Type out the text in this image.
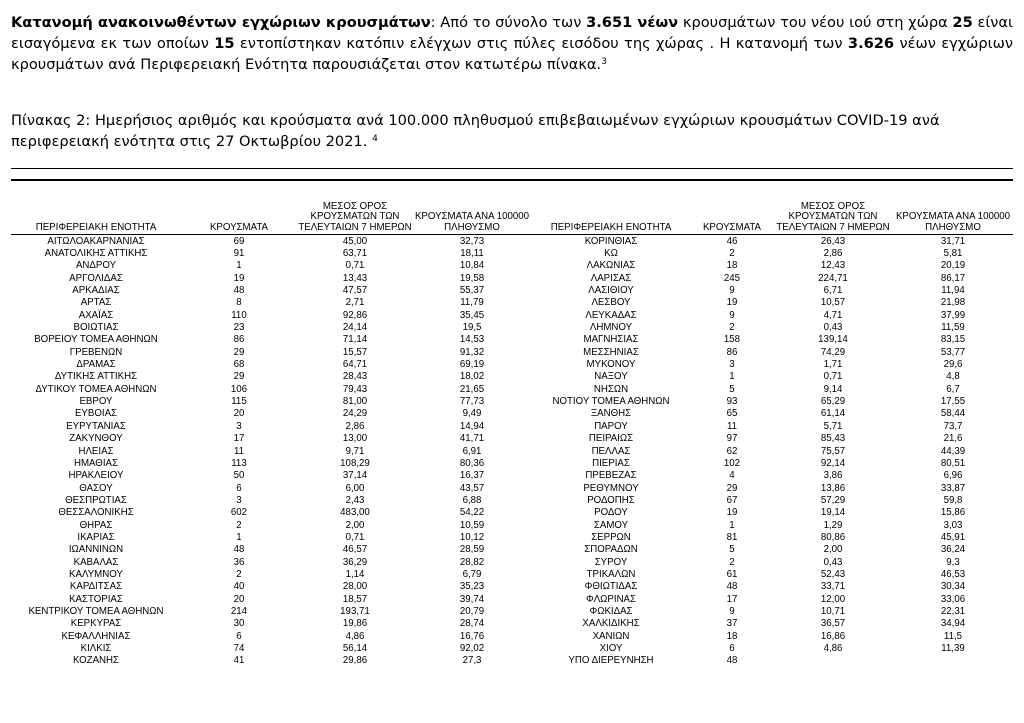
Κατανομή ανακοινωθέντων εγχώριων κρουσμάτων: Από το σύνολο των 3.651 νέων κρουσμάτων του νέου ιού στη χώρα 25 είναι εισαγόμενα εκ των οποίων 15 εντοπίστηκαν κατόπιν ελέγχων στις πύλες εισόδου της χώρας . Η κατανομή των 3.626 νέων εγχώριων κρουσμάτων ανά Περιφερειακή Ενότητα παρουσιάζεται στον κατωτέρω πίνακα.$^3$
Πίνακας 2: Ημερήσιος αριθμός και κρούσματα ανά 100.000 πληθυσμού επιβεβαιωμένων εγχώριων κρουσμάτων COVID-19 ανά περιφερειακή ενότητα στις 27 Οκτωβρίου 2021. $^4$
ΠΕΡΙΦΕΡΕΙΑΚΗ ΕΝΟΤΗΤΑ	ΚΡΟΥΣΜΑΤΑ	ΜΕΣΟΣ ΟΡΟΣ
ΚΡΟΥΣΜΑΤΩΝ ΤΩΝ
ΤΕΛΕΥΤΑΙΩΝ 7 ΗΜΕΡΩΝ	ΚΡΟΥΣΜΑΤΑ ΑΝΑ 100000
ΠΛΗΘΥΣΜΟ	ΠΕΡΙΦΕΡΕΙΑΚΗ ΕΝΟΤΗΤΑ	ΚΡΟΥΣΜΑΤΑ	ΜΕΣΟΣ ΟΡΟΣ
ΚΡΟΥΣΜΑΤΩΝ ΤΩΝ
ΤΕΛΕΥΤΑΙΩΝ 7 ΗΜΕΡΩΝ	ΚΡΟΥΣΜΑΤΑ ΑΝΑ 100000
ΠΛΗΘΥΣΜΟ
ΑΙΤΩΛΟΑΚΑΡΝΑΝΙΑΣ	69	45,00	32,73	ΚΟΡΙΝΘΙΑΣ	46	26,43	31,71
ΑΝΑΤΟΛΙΚΗΣ ΑΤΤΙΚΗΣ	91	63,71	18,11	ΚΩ	2	2,86	5,81
ΑΝΔΡΟΥ	1	0,71	10,84	ΛΑΚΩΝΙΑΣ	18	12,43	20,19
ΑΡΓΟΛΙΔΑΣ	19	13,43	19,58	ΛΑΡΙΣΑΣ	245	224,71	86,17
ΑΡΚΑΔΙΑΣ	48	47,57	55,37	ΛΑΣΙΘΙΟΥ	9	6,71	11,94
ΑΡΤΑΣ	8	2,71	11,79	ΛΕΣΒΟΥ	19	10,57	21,98
ΑΧΑΪΑΣ	110	92,86	35,45	ΛΕΥΚΑΔΑΣ	9	4,71	37,99
ΒΟΙΩΤΙΑΣ	23	24,14	19,5	ΛΗΜΝΟΥ	2	0,43	11,59
ΒΟΡΕΙΟΥ ΤΟΜΕΑ ΑΘΗΝΩΝ	86	71,14	14,53	ΜΑΓΝΗΣΙΑΣ	158	139,14	83,15
ΓΡΕΒΕΝΩΝ	29	15,57	91,32	ΜΕΣΣΗΝΙΑΣ	86	74,29	53,77
ΔΡΑΜΑΣ	68	64,71	69,19	ΜΥΚΟΝΟΥ	3	1,71	29,6
ΔΥΤΙΚΗΣ ΑΤΤΙΚΗΣ	29	28,43	18,02	ΝΑΞΟΥ	1	0,71	4,8
ΔΥΤΙΚΟΥ ΤΟΜΕΑ ΑΘΗΝΩΝ	106	79,43	21,65	ΝΗΣΩΝ	5	9,14	6,7
ΕΒΡΟΥ	115	81,00	77,73	ΝΟΤΙΟΥ ΤΟΜΕΑ ΑΘΗΝΩΝ	93	65,29	17,55
ΕΥΒΟΙΑΣ	20	24,29	9,49	ΞΑΝΘΗΣ	65	61,14	58,44
ΕΥΡΥΤΑΝΙΑΣ	3	2,86	14,94	ΠΑΡΟΥ	11	5,71	73,7
ΖΑΚΥΝΘΟΥ	17	13,00	41,71	ΠΕΙΡΑΙΩΣ	97	85,43	21,6
ΗΛΕΙΑΣ	11	9,71	6,91	ΠΕΛΛΑΣ	62	75,57	44,39
ΗΜΑΘΙΑΣ	113	108,29	80,36	ΠΙΕΡΙΑΣ	102	92,14	80,51
ΗΡΑΚΛΕΙΟΥ	50	37,14	16,37	ΠΡΕΒΕΖΑΣ	4	3,86	6,96
ΘΑΣΟΥ	6	6,00	43,57	ΡΕΘΥΜΝΟΥ	29	13,86	33,87
ΘΕΣΠΡΩΤΙΑΣ	3	2,43	6,88	ΡΟΔΟΠΗΣ	67	57,29	59,8
ΘΕΣΣΑΛΟΝΙΚΗΣ	602	483,00	54,22	ΡΟΔΟΥ	19	19,14	15,86
ΘΗΡΑΣ	2	2,00	10,59	ΣΑΜΟΥ	1	1,29	3,03
ΙΚΑΡΙΑΣ	1	0,71	10,12	ΣΕΡΡΩΝ	81	80,86	45,91
ΙΩΑΝΝΙΝΩΝ	48	46,57	28,59	ΣΠΟΡΑΔΩΝ	5	2,00	36,24
ΚΑΒΑΛΑΣ	36	36,29	28,82	ΣΥΡΟΥ	2	0,43	9,3
ΚΑΛΥΜΝΟΥ	2	1,14	6,79	ΤΡΙΚΑΛΩΝ	61	52,43	46,53
ΚΑΡΔΙΤΣΑΣ	40	28,00	35,23	ΦΘΙΩΤΙΔΑΣ	48	33,71	30,34
ΚΑΣΤΟΡΙΑΣ	20	18,57	39,74	ΦΛΩΡΙΝΑΣ	17	12,00	33,06
ΚΕΝΤΡΙΚΟΥ ΤΟΜΕΑ ΑΘΗΝΩΝ	214	193,71	20,79	ΦΩΚΙΔΑΣ	9	10,71	22,31
ΚΕΡΚΥΡΑΣ	30	19,86	28,74	ΧΑΛΚΙΔΙΚΗΣ	37	36,57	34,94
ΚΕΦΑΛΛΗΝΙΑΣ	6	4,86	16,76	ΧΑΝΙΩΝ	18	16,86	11,5
ΚΙΛΚΙΣ	74	56,14	92,02	ΧΙΟΥ	6	4,86	11,39
ΚΟΖΑΝΗΣ	41	29,86	27,3	ΥΠΟ ΔΙΕΡΕΥΝΗΣΗ	48		
